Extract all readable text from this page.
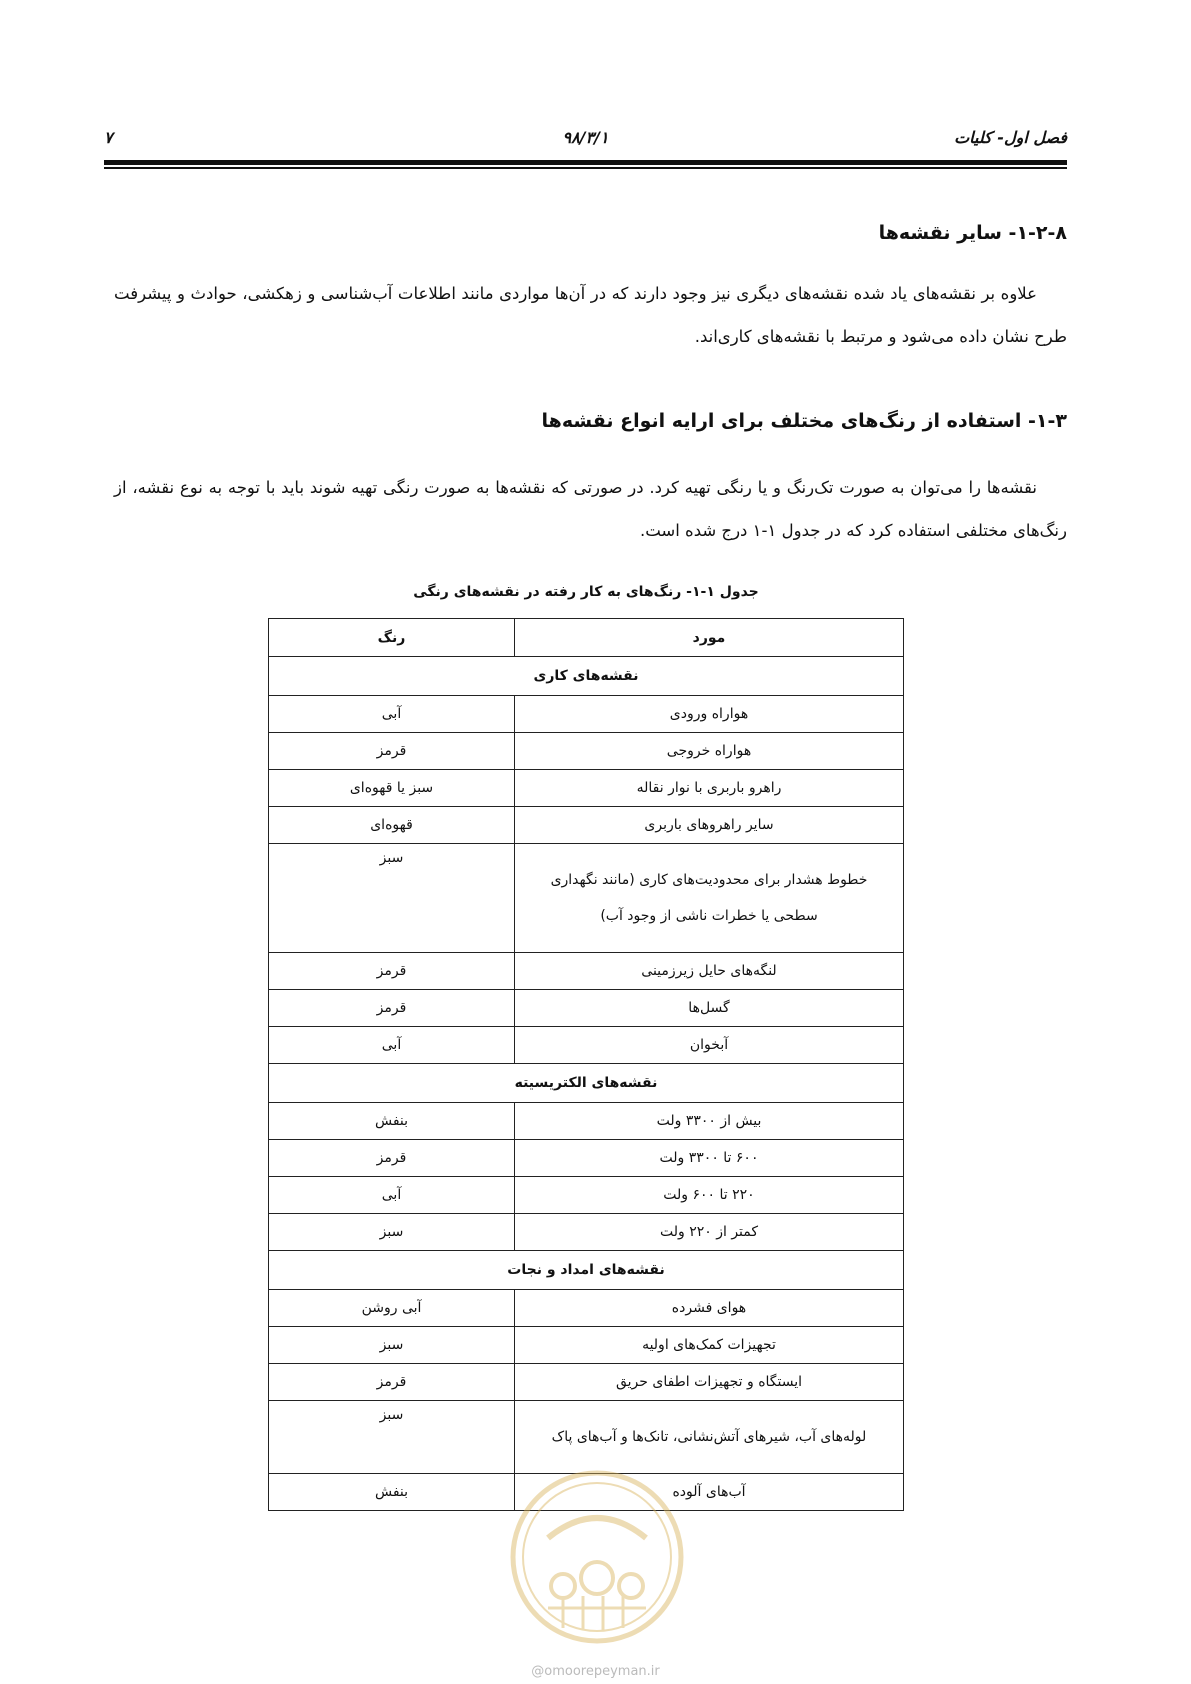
فصل اول- کلیات
۹۸/۳/۱
۷
۱-۲-۸- سایر نقشه‌ها
علاوه بر نقشه‌های یاد شده نقشه‌های دیگری نیز وجود دارند که در آن‌ها مواردی مانند اطلاعات آب‌شناسی و زهکشی، حوادث و پیشرفت طرح نشان داده می‌شود و مرتبط با نقشه‌های کاری‌اند.
۱-۳- استفاده از رنگ‌های مختلف برای ارایه انواع نقشه‌ها
نقشه‌ها را می‌توان به صورت تک‌رنگ و یا رنگی تهیه کرد. در صورتی که نقشه‌ها به صورت رنگی تهیه شوند باید با توجه به نوع نقشه، از رنگ‌های مختلفی استفاده کرد که در جدول ۱-۱ درج شده است.
جدول ۱-۱- رنگ‌های به کار رفته در نقشه‌های رنگی
مورد	رنگ
نقشه‌های کاری	
هواراه ورودی	آبی
هواراه خروجی	قرمز
راهرو باربری با نوار نقاله	سبز یا قهوه‌ای
سایر راهروهای باربری	قهوه‌ای
خطوط هشدار برای محدودیت‌های کاری (مانند نگهداری سطحی یا خطرات ناشی از وجود آب)	سبز
لنگه‌های حایل زیرزمینی	قرمز
گسل‌ها	قرمز
آبخوان	آبی
نقشه‌های الکتریسیته	
بیش از ۳۳۰۰ ولت	بنفش
۶۰۰ تا ۳۳۰۰ ولت	قرمز
۲۲۰ تا ۶۰۰ ولت	آبی
کمتر از ۲۲۰ ولت	سبز
نقشه‌های امداد و نجات	
هوای فشرده	آبی روشن
تجهیزات کمک‌های اولیه	سبز
ایستگاه و تجهیزات اطفای حریق	قرمز
لوله‌های آب، شیرهای آتش‌نشانی، تانک‌ها و آب‌های پاک	سبز
آب‌های آلوده	بنفش
@omoorepeyman.ir
